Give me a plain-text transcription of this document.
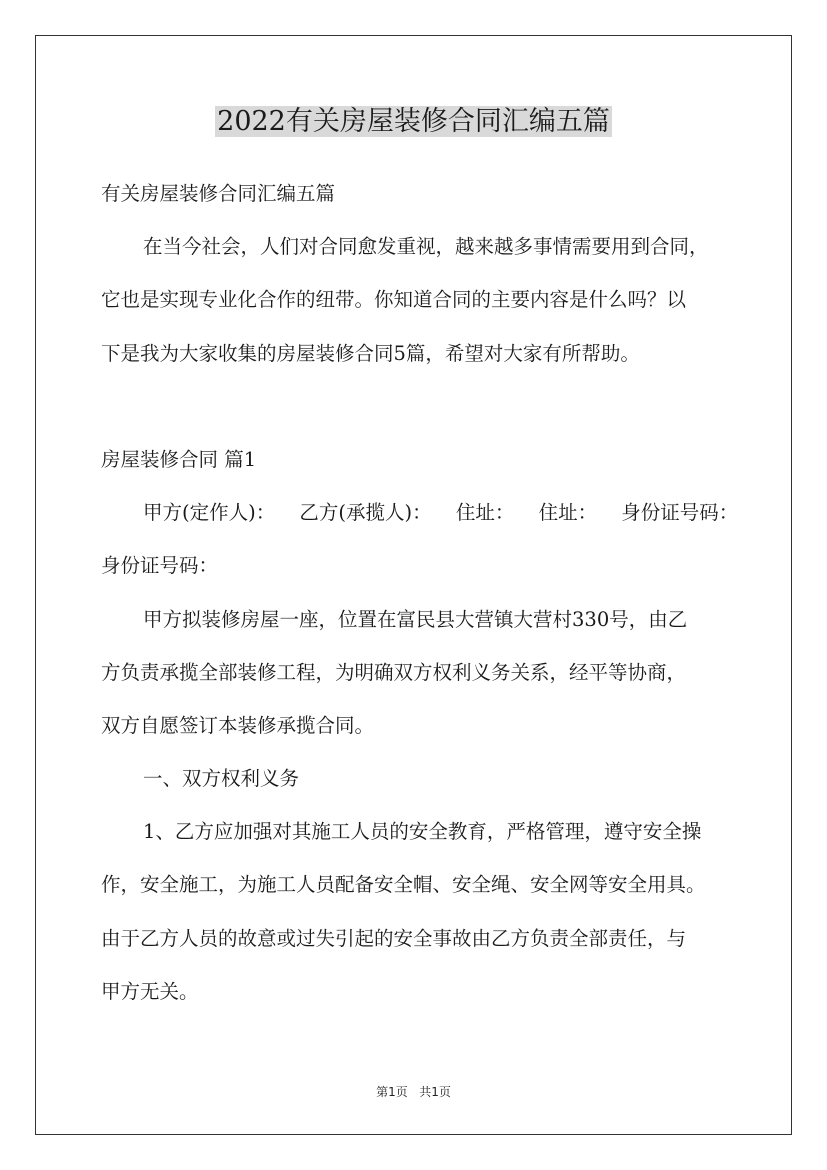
2022有关房屋装修合同汇编五篇
有关房屋装修合同汇编五篇
在当今社会，人们对合同愈发重视，越来越多事情需要用到合同，
它也是实现专业化合作的纽带。你知道合同的主要内容是什么吗？以
下是我为大家收集的房屋装修合同5篇，希望对大家有所帮助。
房屋装修合同 篇1
甲方(定作人)： 乙方(承揽人)： 住址： 住址： 身份证号码：
身份证号码：
甲方拟装修房屋一座，位置在富民县大营镇大营村330号，由乙
方负责承揽全部装修工程，为明确双方权利义务关系，经平等协商，
双方自愿签订本装修承揽合同。
一、双方权利义务
1、乙方应加强对其施工人员的安全教育，严格管理，遵守安全操
作，安全施工，为施工人员配备安全帽、安全绳、安全网等安全用具。
由于乙方人员的故意或过失引起的安全事故由乙方负责全部责任，与
甲方无关。
第1页 共1页
